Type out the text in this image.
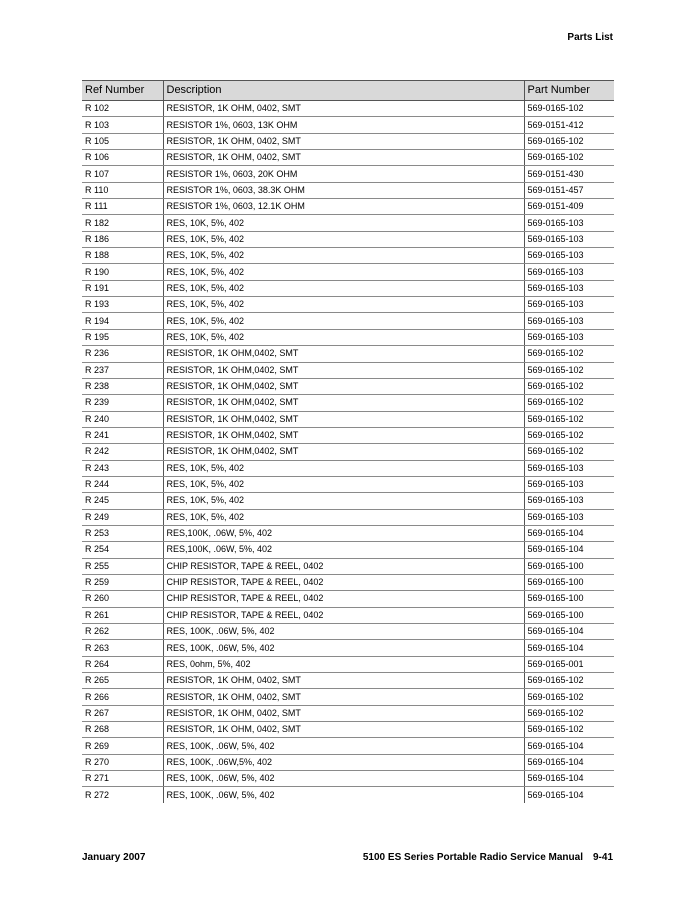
Parts List
Ref Number	Description	Part Number
R 102	RESISTOR, 1K OHM, 0402, SMT	569-0165-102
R 103	RESISTOR 1%, 0603, 13K OHM	569-0151-412
R 105	RESISTOR, 1K OHM, 0402, SMT	569-0165-102
R 106	RESISTOR, 1K OHM, 0402, SMT	569-0165-102
R 107	RESISTOR 1%, 0603, 20K OHM	569-0151-430
R 110	RESISTOR 1%, 0603, 38.3K OHM	569-0151-457
R 111	RESISTOR 1%, 0603, 12.1K OHM	569-0151-409
R 182	RES, 10K, 5%, 402	569-0165-103
R 186	RES, 10K, 5%, 402	569-0165-103
R 188	RES, 10K, 5%, 402	569-0165-103
R 190	RES, 10K, 5%, 402	569-0165-103
R 191	RES, 10K, 5%, 402	569-0165-103
R 193	RES, 10K, 5%, 402	569-0165-103
R 194	RES, 10K, 5%, 402	569-0165-103
R 195	RES, 10K, 5%, 402	569-0165-103
R 236	RESISTOR, 1K OHM,0402, SMT	569-0165-102
R 237	RESISTOR, 1K OHM,0402, SMT	569-0165-102
R 238	RESISTOR, 1K OHM,0402, SMT	569-0165-102
R 239	RESISTOR, 1K OHM,0402, SMT	569-0165-102
R 240	RESISTOR, 1K OHM,0402, SMT	569-0165-102
R 241	RESISTOR, 1K OHM,0402, SMT	569-0165-102
R 242	RESISTOR, 1K OHM,0402, SMT	569-0165-102
R 243	RES, 10K, 5%, 402	569-0165-103
R 244	RES, 10K, 5%, 402	569-0165-103
R 245	RES, 10K, 5%, 402	569-0165-103
R 249	RES, 10K, 5%, 402	569-0165-103
R 253	RES,100K, .06W, 5%, 402	569-0165-104
R 254	RES,100K, .06W, 5%, 402	569-0165-104
R 255	CHIP RESISTOR, TAPE & REEL, 0402	569-0165-100
R 259	CHIP RESISTOR, TAPE & REEL, 0402	569-0165-100
R 260	CHIP RESISTOR, TAPE & REEL, 0402	569-0165-100
R 261	CHIP RESISTOR, TAPE & REEL, 0402	569-0165-100
R 262	RES, 100K, .06W, 5%, 402	569-0165-104
R 263	RES, 100K, .06W, 5%, 402	569-0165-104
R 264	RES, 0ohm, 5%, 402	569-0165-001
R 265	RESISTOR, 1K OHM, 0402, SMT	569-0165-102
R 266	RESISTOR, 1K OHM, 0402, SMT	569-0165-102
R 267	RESISTOR, 1K OHM, 0402, SMT	569-0165-102
R 268	RESISTOR, 1K OHM, 0402, SMT	569-0165-102
R 269	RES, 100K, .06W, 5%, 402	569-0165-104
R 270	RES, 100K, .06W,5%, 402	569-0165-104
R 271	RES, 100K, .06W, 5%, 402	569-0165-104
R 272	RES, 100K, .06W, 5%, 402	569-0165-104
January 2007	5100 ES Series Portable Radio Service Manual 9-41
